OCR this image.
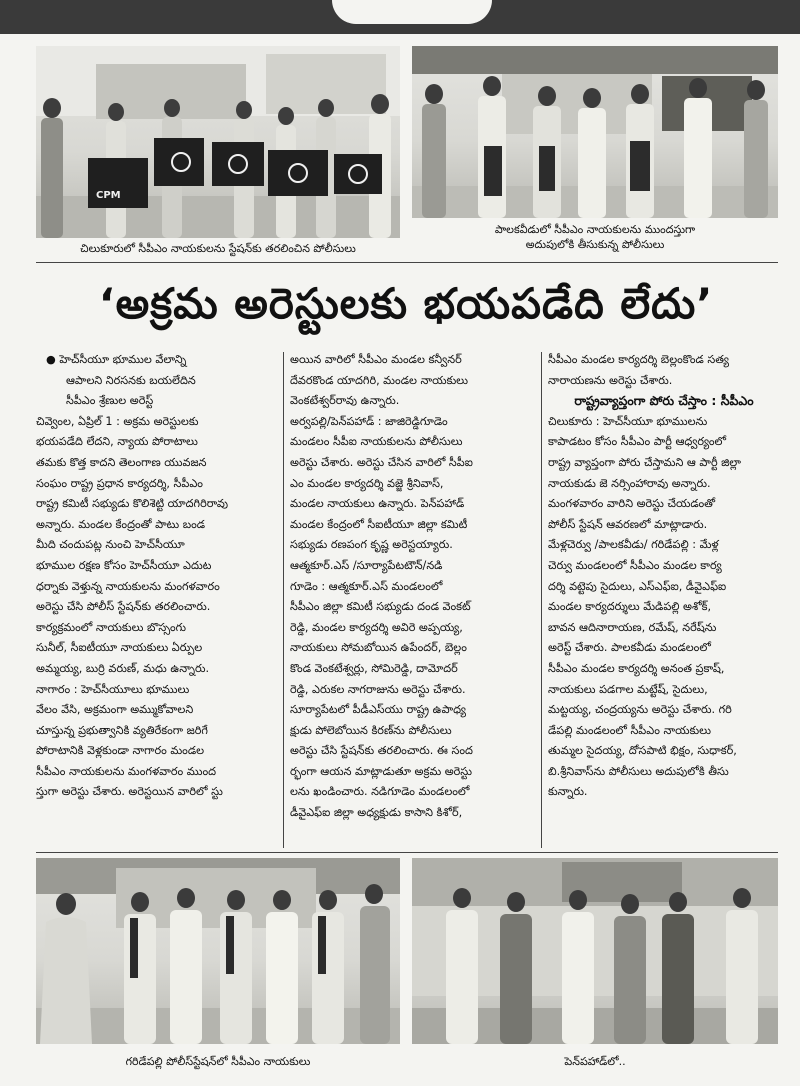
CPM
చిలుకూరులో సీపీఎం నాయకులను స్టేషన్‌కు తరలించిన పోలీసులు
పాలకవీడులో సీపీఎం నాయకులను ముందస్తుగా
అదుపులోకి తీసుకున్న పోలీసులు
‘అక్రమ అరెస్టులకు భయపడేది లేదు’
● హెచ్‌సీయూ భూముల వేలాన్ని
ఆపాలని నిరసనకు బయలేదిన
సీపీఎం శ్రేణుల అరెస్ట్
చివ్వెంల, ఏప్రిల్ 1 : అక్రమ అరెస్టులకు
భయపడేది లేదని, న్యాయ పోరాటాలు
తమకు కొత్త కాదని తెలంగాణ యువజన
సంఘం రాష్ట్ర ప్రధాన కార్యదర్శి, సీపీఎం
రాష్ట్ర కమిటీ సభ్యుడు కొలిశెట్టి యాదగిరిరావు
అన్నారు. మండల కేంద్రంతో పాటు బండ
మీది చందుపట్ల నుంచి హెచ్‌సీయూ
భూముల రక్షణ కోసం హెచ్‌సీయూ ఎదుట
ధర్నాకు వెళ్తున్న నాయకులను మంగళవారం
అరెస్టు చేసి పోలీస్ స్టేషన్‌కు తరలించారు.
కార్యక్రమంలో నాయకులు బొస్సంగు
సునీల్, సీఐటీయూ నాయకులు ఏర్పుల
అమ్మయ్య, బుర్రి వరుణ్, మధు ఉన్నారు.
నాగారం : హెచ్‌సీయూలు భూములు
వేలం వేసి, అక్రమంగా అమ్ముకోవాలని
చూస్తున్న ప్రభుత్వానికి వ్యతిరేకంగా జరిగే
పోరాటానికి వెళ్లకుండా నాగారం మండల
సీపీఎం నాయకులను మంగళవారం ముంద
స్తుగా అరెస్టు చేశారు. అరెస్టయిన వారిలో స్టు
అయిన వారిలో సీపీఎం మండల కన్వీనర్
దేవరకొండ యాదగిరి, మండల నాయకులు
వెంకటేశ్వర్‌రావు ఉన్నారు.
అర్వపల్లి/పెన్‌పహాడ్ : జాజిరెడ్డిగూడెం
మండలం సీపీఐ నాయకులను పోలీసులు
అరెస్టు చేశారు. అరెస్టు చేసిన వారిలో సీపీఐ
ఎం మండల కార్యదర్శి వజ్జె శ్రీనివాస్,
మండల నాయకులు ఉన్నారు. పెన్‌పహాడ్
మండల కేంద్రంలో సీఐటీయూ జిల్లా కమిటీ
సభ్యుడు రణపంగ కృష్ణ అరెస్టయ్యారు.
ఆత్మకూర్.ఎస్ /సూర్యాపేటటౌన్/నడి
గూడెం : ఆత్మకూర్.ఎస్ మండలంలో
సీపీఎం జిల్లా కమిటీ సభ్యుడు దండ వెంకట్
రెడ్డి, మండల కార్యదర్శి అవిరె అప్పయ్య,
నాయకులు సోమబోయిన ఉపేందర్, బెల్లం
కొండ వెంకటేశ్వర్లు, సోమిరెడ్డి, దామోదర్
రెడ్డి, ఎరుకల నాగరాజును అరెస్టు చేశారు.
సూర్యాపేటలో పీడీఎస్‌యు రాష్ట్ర ఉపాధ్య
క్షుడు పోలెబోయిన కిరణ్‌ను పోలీసులు
అరెస్టు చేసి స్టేషన్‌కు తరలించారు. ఈ సంద
ర్భంగా ఆయన మాట్లాడుతూ అక్రమ అరెస్టు
లను ఖండించారు. నడిగూడెం మండలంలో
డీవైఎఫ్ఐ జిల్లా అధ్యక్షుడు కాసాని కిశోర్,
సీపీఎం మండల కార్యదర్శి బెల్లంకొండ సత్య
నారాయణను అరెస్టు చేశారు.
రాష్ట్రవ్యాప్తంగా పోరు చేస్తాం : సీపీఎం
చిలుకూరు : హెచ్‌సీయూ భూములను
కాపాడటం కోసం సీపీఎం పార్టీ ఆధ్వర్యంలో
రాష్ట్ర వ్యాప్తంగా పోరు చేస్తామని ఆ పార్టీ జిల్లా
నాయకుడు జె నర్సింహారావు అన్నారు.
మంగళవారం వారిని అరెస్టు చేయడంతో
పోలీస్ స్టేషన్ ఆవరణలో మాట్లాడారు.
మేళ్లచెర్వు /పాలకవీడు/ గరిడేపల్లి : మేళ్ల
చెర్వు మండలంలో సీపీఎం మండల కార్య
దర్శి వట్టెపు సైదులు, ఎస్ఎఫ్ఐ, డీవైఎఫ్ఐ
మండల కార్యదర్శులు మేడిపల్లి అశోక్,
బావన ఆదినారాయణ, రమేష్, నరేష్‌ను
అరెస్ట్ చేశారు. పాలకవీడు మండలంలో
సీపీఎం మండల కార్యదర్శి అనంత ప్రకాష్,
నాయకులు పడగాల మట్టేష్, సైదులు,
మట్టయ్య, చంద్రయ్యను అరెస్టు చేశారు. గరి
డేపల్లి మండలంలో సీపీఎం నాయకులు
తుమ్మల సైదయ్య, దోసపాటి భిక్షం, సుధాకర్,
బి.శ్రీనివాస్‌ను పోలీసులు అదుపులోకి తీసు
కున్నారు.
గరిడేపల్లి పోలీస్‌స్టేషన్‌లో సీపీఎం నాయకులు	పెన్‌పహాడ్‌లో..
